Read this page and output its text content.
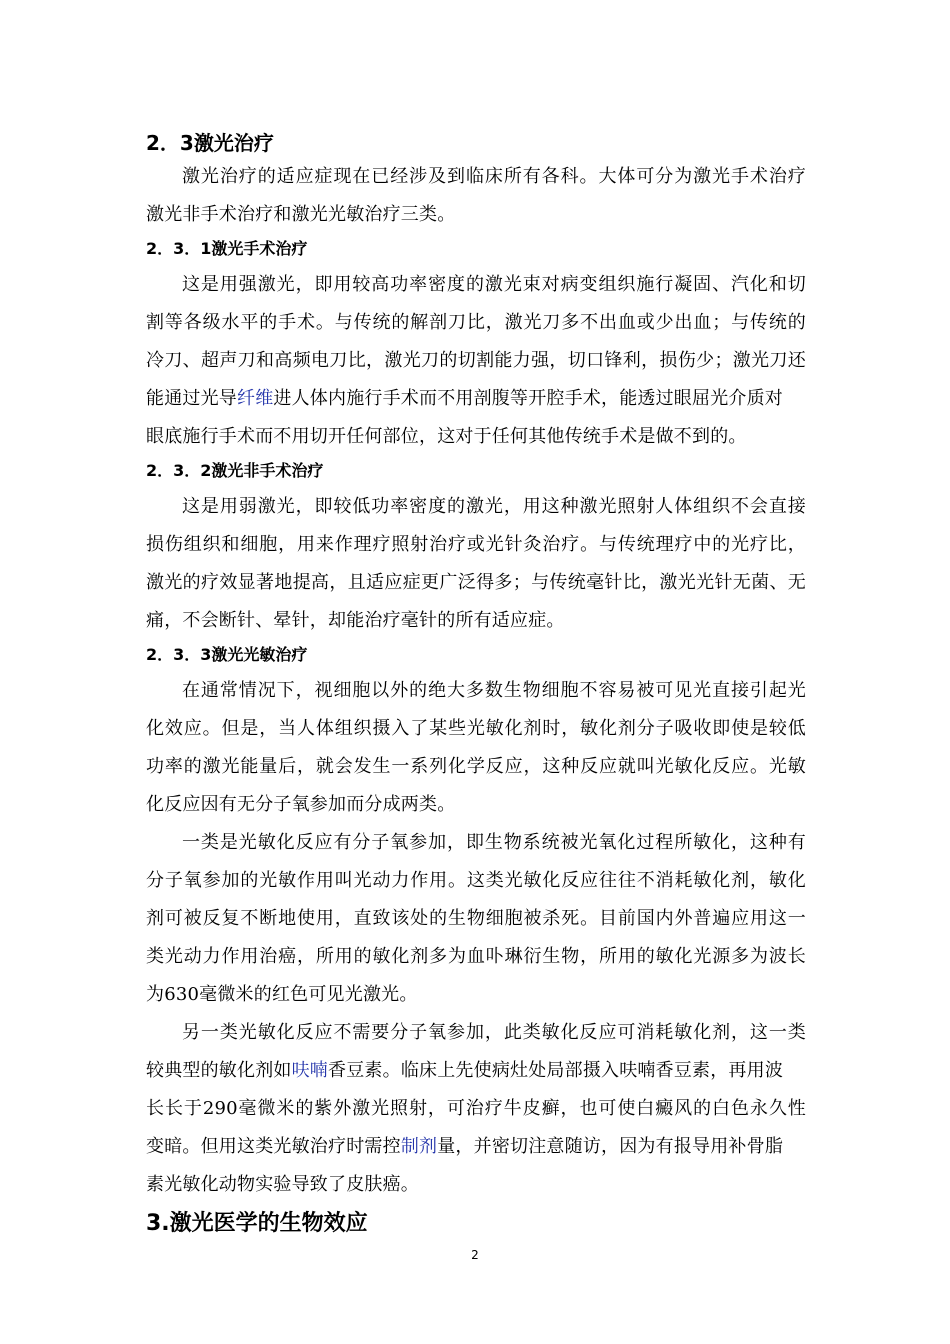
2．3激光治疗
激光治疗的适应症现在已经涉及到临床所有各科。大体可分为激光手术治疗
激光非手术治疗和激光光敏治疗三类。
2．3．1激光手术治疗
这是用强激光，即用较高功率密度的激光束对病变组织施行凝固、汽化和切
割等各级水平的手术。与传统的解剖刀比，激光刀多不出血或少出血；与传统的
冷刀、超声刀和高频电刀比，激光刀的切割能力强，切口锋利，损伤少；激光刀还
能通过光导纤维进人体内施行手术而不用剖腹等开腔手术，能透过眼屈光介质对
眼底施行手术而不用切开任何部位，这对于任何其他传统手术是做不到的。
2．3．2激光非手术治疗
这是用弱激光，即较低功率密度的激光，用这种激光照射人体组织不会直接
损伤组织和细胞，用来作理疗照射治疗或光针灸治疗。与传统理疗中的光疗比，
激光的疗效显著地提高，且适应症更广泛得多；与传统毫针比，激光光针无菌、无
痛，不会断针、晕针，却能治疗毫针的所有适应症。
2．3．3激光光敏治疗
在通常情况下，视细胞以外的绝大多数生物细胞不容易被可见光直接引起光
化效应。但是，当人体组织摄入了某些光敏化剂时，敏化剂分子吸收即使是较低
功率的激光能量后，就会发生一系列化学反应，这种反应就叫光敏化反应。光敏
化反应因有无分子氧参加而分成两类。
一类是光敏化反应有分子氧参加，即生物系统被光氧化过程所敏化，这种有
分子氧参加的光敏作用叫光动力作用。这类光敏化反应往往不消耗敏化剂，敏化
剂可被反复不断地使用，直致该处的生物细胞被杀死。目前国内外普遍应用这一
类光动力作用治癌，所用的敏化剂多为血卟琳衍生物，所用的敏化光源多为波长
为630毫微米的红色可见光激光。
另一类光敏化反应不需要分子氧参加，此类敏化反应可消耗敏化剂，这一类
较典型的敏化剂如呋喃香豆素。临床上先使病灶处局部摄入呋喃香豆素，再用波
长长于290毫微米的紫外激光照射，可治疗牛皮癣，也可使白癜风的白色永久性
变暗。但用这类光敏治疗时需控制剂量，并密切注意随访，因为有报导用补骨脂
素光敏化动物实验导致了皮肤癌。
3.激光医学的生物效应
2
